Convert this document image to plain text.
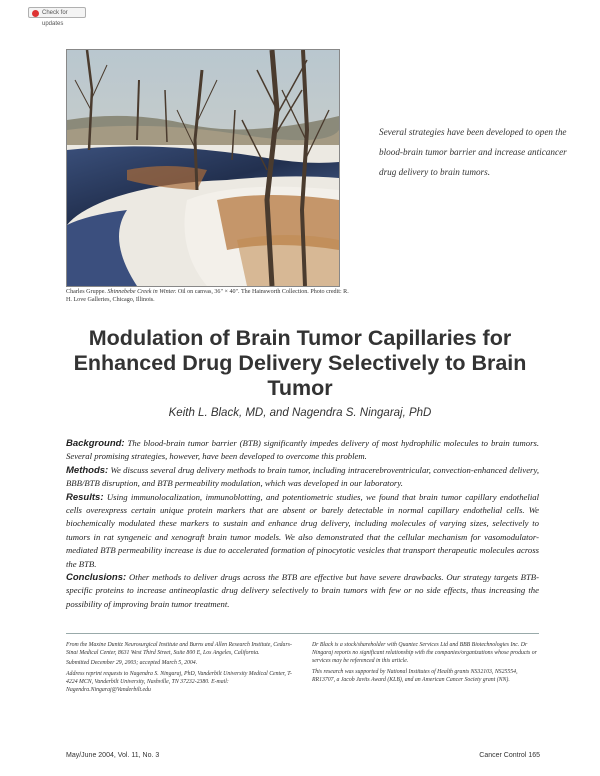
Check for updates
Charles Gruppe. Shinnebebe Creek in Winter. Oil on canvas, 36" × 40". The Hainsworth Collection. Photo credit: R. H. Love Galleries, Chicago, Illinois.
Several strategies have been developed to open the blood-brain tumor barrier and increase anticancer drug delivery to brain tumors.
Modulation of Brain Tumor Capillaries for Enhanced Drug Delivery Selectively to Brain Tumor
Keith L. Black, MD, and Nagendra S. Ningaraj, PhD

Background: The blood-brain tumor barrier (BTB) significantly impedes delivery of most hydrophilic molecules to brain tumors. Several promising strategies, however, have been developed to overcome this problem.

Methods: We discuss several drug delivery methods to brain tumor, including intracerebroventricular, convection-enhanced delivery, BBB/BTB disruption, and BTB permeability modulation, which was developed in our laboratory.

Results: Using immunolocalization, immunoblotting, and potentiometric studies, we found that brain tumor capillary endothelial cells overexpress certain unique protein markers that are absent or barely detectable in normal capillary endothelial cells. We biochemically modulated these markers to sustain and enhance drug delivery, including molecules of varying sizes, selectively to tumors in rat syngeneic and xenograft brain tumor models. We also demonstrated that the cellular mechanism for vasomodulator-mediated BTB permeability increase is due to accelerated formation of pinocytotic vesicles that transport therapeutic molecules across the BTB.

Conclusions: Other methods to deliver drugs across the BTB are effective but have severe drawbacks. Our strategy targets BTB-specific proteins to increase antineoplastic drug delivery selectively to brain tumors with few or no side effects, thus increasing the possibility of improving brain tumor treatment.

From the Maxine Dunitz Neurosurgical Institute and Burns and Allen Research Institute, Cedars-Sinai Medical Center, 8631 West Third Street, Suite 800 E, Los Angeles, California.

Submitted December 29, 2003; accepted March 5, 2004.

Address reprint requests to Nagendra S. Ningaraj, PhD, Vanderbilt University Medical Center, T-4224 MCN, Vanderbilt University, Nashville, TN 37232-2380. E-mail: Nagendra.Ningaraj@Vanderbilt.edu

Dr Black is a stock/shareholder with Quantec Services Ltd and BBB Biotechnologies Inc. Dr Ningaraj reports no significant relationship with the companies/organizations whose products or services may be referenced in this article.

This research was supported by National Institutes of Health grants NS32103, NS25554, RR13707, a Jacob Javits Award (KLB), and an American Cancer Society grant (NN).

May/June 2004, Vol. 11, No. 3	Cancer Control 165
